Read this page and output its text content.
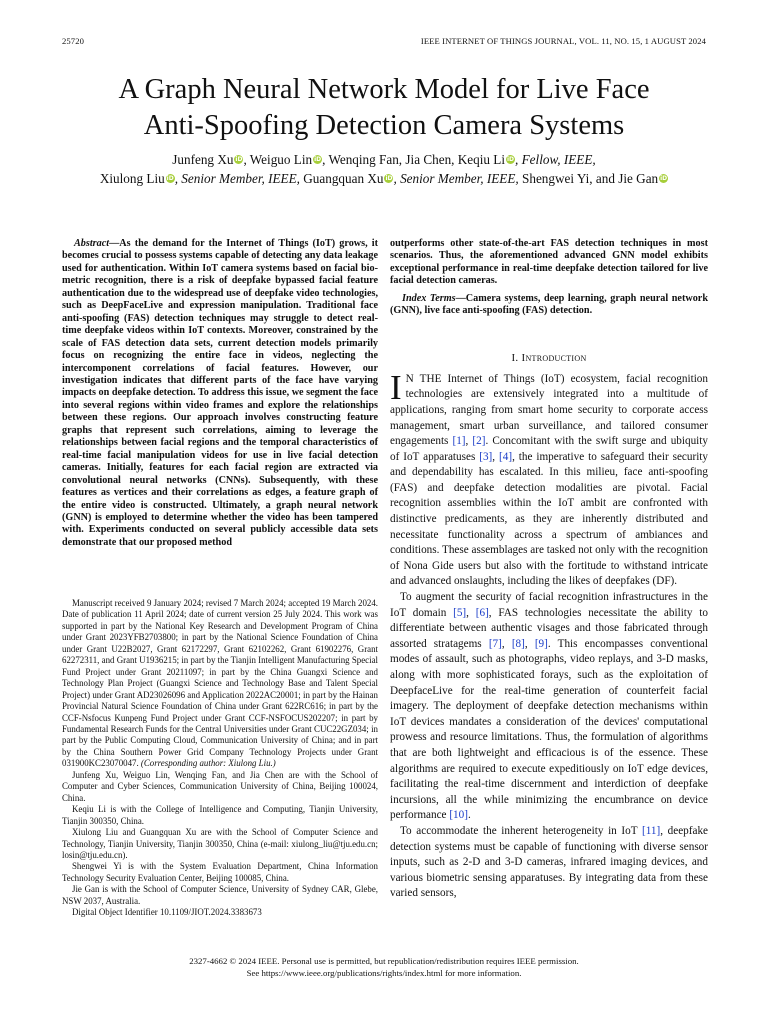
25720	IEEE INTERNET OF THINGS JOURNAL, VOL. 11, NO. 15, 1 AUGUST 2024
A Graph Neural Network Model for Live Face
Anti-Spoofing Detection Camera Systems
Junfeng Xu iD, Weiguo Lin iD, Wenqing Fan, Jia Chen, Keqiu Li iD, Fellow, IEEE,
Xiulong Liu iD, Senior Member, IEEE, Guangquan Xu iD, Senior Member, IEEE, Shengwei Yi, and Jie Gan iD

Abstract—As the demand for the Internet of Things (IoT) grows, it becomes crucial to possess systems capable of detecting any data leakage used for authentication. Within IoT camera systems based on facial bio-metric recognition, there is a risk of deepfake bypassed facial feature authentication due to the widespread use of deepfake video technologies, such as DeepFaceLive and expression manipulation. Traditional face anti-spoofing (FAS) detection techniques may struggle to detect real-time deepfake videos within IoT contexts. Moreover, constrained by the scale of FAS detection data sets, current detection models primarily focus on recognizing the entire face in videos, neglecting the intercomponent correlations of facial features. However, our investigation indicates that different parts of the face have varying impacts on deepfake detection. To address this issue, we segment the face into several regions within video frames and explore the relationships between these regions. Our approach involves constructing feature graphs that represent such correlations, aiming to leverage the relationships between facial regions and the temporal characteristics of real-time facial manipulation videos for use in live facial detection cameras. Initially, features for each facial region are extracted via convolutional neural networks (CNNs). Subsequently, with these features as vertices and their correlations as edges, a feature graph of the entire video is constructed. Ultimately, a graph neural network (GNN) is employed to determine whether the video has been tampered with. Experiments conducted on several publicly accessible data sets demonstrate that our proposed method

Manuscript received 9 January 2024; revised 7 March 2024; accepted 19 March 2024. Date of publication 11 April 2024; date of current version 25 July 2024. This work was supported in part by the National Key Research and Development Program of China under Grant 2023YFB2703800; in part by the National Science Foundation of China under Grant U22B2027, Grant 62172297, Grant 62102262, Grant 61902276, Grant 62272311, and Grant U1936215; in part by the Tianjin Intelligent Manufacturing Special Fund Project under Grant 20211097; in part by the China Guangxi Science and Technology Plan Project (Guangxi Science and Technology Base and Talent Special Project) under Grant AD23026096 and Application 2022AC20001; in part by the Hainan Provincial Natural Science Foundation of China under Grant 622RC616; in part by the CCF-Nsfocus Kunpeng Fund Project under Grant CCF-NSFOCUS202207; in part by Fundamental Research Funds for the Central Universities under Grant CUC22GZ034; in part by the Public Computing Cloud, Communication University of China; and in part by the China Southern Power Grid Company Technology Projects under Grant 031900KC23070047. (Corresponding author: Xiulong Liu.)

Junfeng Xu, Weiguo Lin, Wenqing Fan, and Jia Chen are with the School of Computer and Cyber Sciences, Communication University of China, Beijing 100024, China.

Keqiu Li is with the College of Intelligence and Computing, Tianjin University, Tianjin 300350, China.

Xiulong Liu and Guangquan Xu are with the School of Computer Science and Technology, Tianjin University, Tianjin 300350, China (e-mail: xiulong_liu@tju.edu.cn; losin@tju.edu.cn).

Shengwei Yi is with the System Evaluation Department, China Information Technology Security Evaluation Center, Beijing 100085, China.

Jie Gan is with the School of Computer Science, University of Sydney CAR, Glebe, NSW 2037, Australia.

Digital Object Identifier 10.1109/JIOT.2024.3383673

outperforms other state-of-the-art FAS detection techniques in most scenarios. Thus, the aforementioned advanced GNN model exhibits exceptional performance in real-time deepfake detection tailored for live facial detection cameras.

Index Terms—Camera systems, deep learning, graph neural network (GNN), live face anti-spoofing (FAS) detection.

I. Introduction

I N THE Internet of Things (IoT) ecosystem, facial recognition technologies are extensively integrated into a multitude of applications, ranging from smart home security to corporate access management, smart urban surveillance, and tailored consumer engagements [1], [2]. Concomitant with the swift surge and ubiquity of IoT apparatuses [3], [4], the imperative to safeguard their security and dependability has escalated. In this milieu, face anti-spoofing (FAS) and deepfake detection modalities are pivotal. Facial recognition assemblies within the IoT ambit are confronted with distinctive predicaments, as they are inherently distributed and necessitate functionality across a spectrum of ambiances and conditions. These assemblages are tasked not only with the recognition of Nona Gide users but also with the fortitude to withstand intricate and advanced onslaughts, including the likes of deepfakes (DF).

To augment the security of facial recognition infrastructures in the IoT domain [5], [6], FAS technologies necessitate the ability to differentiate between authentic visages and those fabricated through assorted stratagems [7], [8], [9]. This encompasses conventional modes of assault, such as photographs, video replays, and 3-D masks, along with more sophisticated forays, such as the exploitation of DeepfaceLive for the real-time generation of counterfeit facial imagery. The deployment of deepfake detection mechanisms within IoT devices mandates a consideration of the devices' computational prowess and resource limitations. Thus, the formulation of algorithms that are both lightweight and efficacious is of the essence. These algorithms are required to execute expeditiously on IoT edge devices, facilitating the real-time discernment and interdiction of deepfake incursions, all the while minimizing the encumbrance on device performance [10].

To accommodate the inherent heterogeneity in IoT [11], deepfake detection systems must be capable of functioning with diverse sensor inputs, such as 2-D and 3-D cameras, infrared imaging devices, and various biometric sensing apparatuses. By integrating data from these varied sensors,

2327-4662 © 2024 IEEE. Personal use is permitted, but republication/redistribution requires IEEE permission.
See https://www.ieee.org/publications/rights/index.html for more information.
